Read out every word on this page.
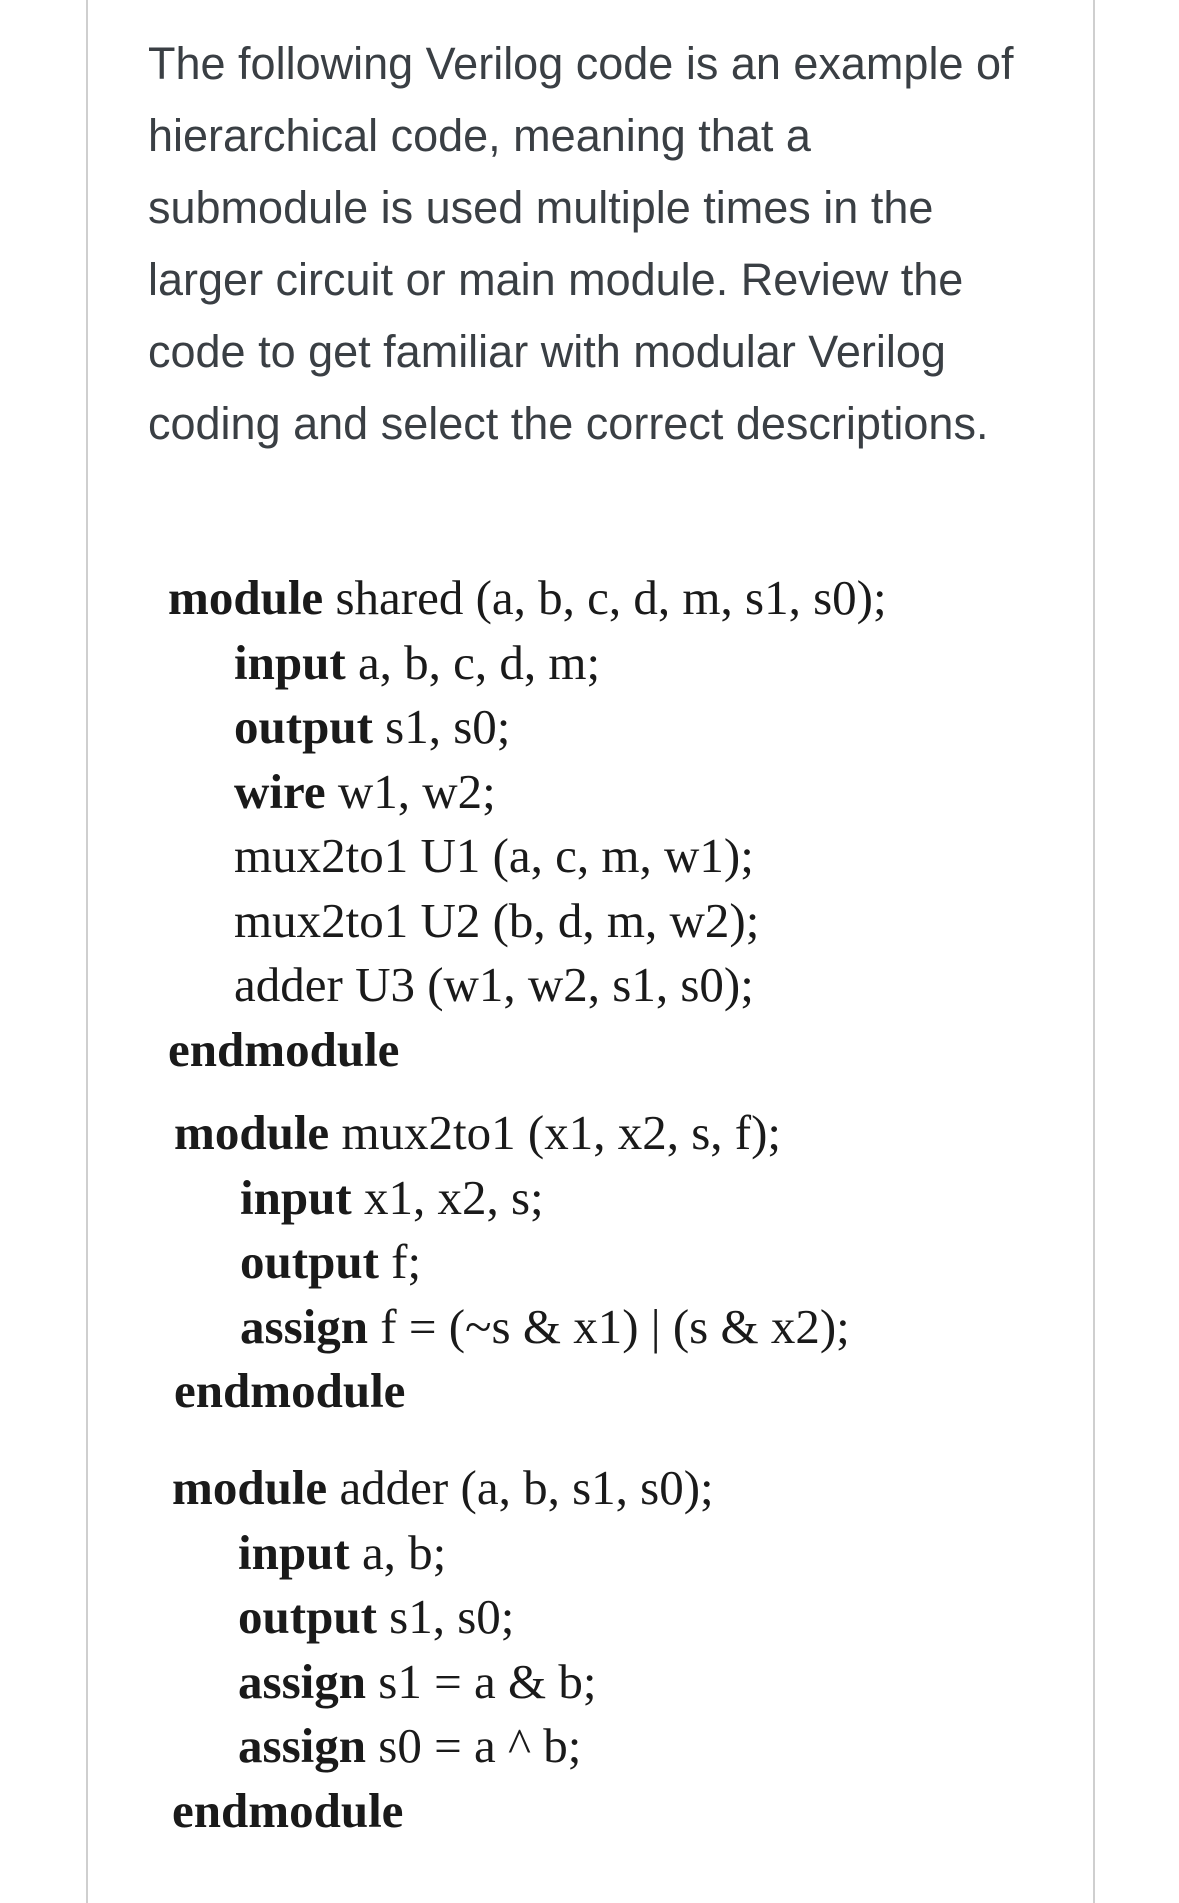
The following Verilog code is an example of hierarchical code, meaning that a submodule is used multiple times in the larger circuit or main module. Review the code to get familiar with modular Verilog coding and select the correct descriptions.

module shared (a, b, c, d, m, s1, s0);
input a, b, c, d, m;
output s1, s0;
wire w1, w2;
mux2to1 U1 (a, c, m, w1);
mux2to1 U2 (b, d, m, w2);
adder U3 (w1, w2, s1, s0);
endmodule
module mux2to1 (x1, x2, s, f);
input x1, x2, s;
output f;
assign f = (~s & x1) | (s & x2);
endmodule
module adder (a, b, s1, s0);
input a, b;
output s1, s0;
assign s1 = a & b;
assign s0 = a ^ b;
endmodule
